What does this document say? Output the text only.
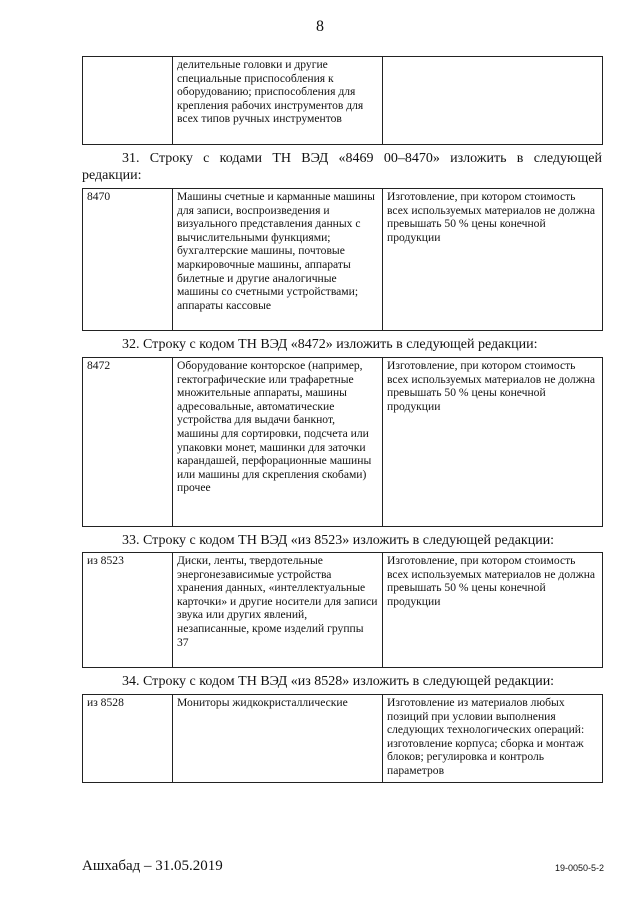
8
	делительные головки и другие специальные приспособления к оборудованию; приспособления для крепления рабочих инструментов для всех типов ручных инструментов	
31. Строку с кодами ТН ВЭД «8469 00–8470» изложить в следующей
редакции:
8470	Машины счетные и карманные машины для записи, воспроизведения и визуального представления данных с вычислительными функциями; бухгалтерские машины, почтовые маркировочные машины, аппараты билетные и другие аналогичные машины со счетными устройствами; аппараты кассовые	Изготовление, при котором стоимость всех используемых материалов не должна превышать 50 % цены конечной продукции
32. Строку с кодом ТН ВЭД «8472» изложить в следующей редакции:
8472	Оборудование конторское (например, гектографические или трафаретные множительные аппараты, машины адресовальные, автоматические устройства для выдачи банкнот, машины для сортировки, подсчета или упаковки монет, машинки для заточки карандашей, перфорационные машины или машины для скрепления скобами) прочее	Изготовление, при котором стоимость всех используемых материалов не должна превышать 50 % цены конечной продукции
33. Строку с кодом ТН ВЭД «из 8523» изложить в следующей редакции:
из 8523	Диски, ленты, твердотельные энергонезависимые устройства хранения данных, «интеллектуальные карточки» и другие носители для записи звука или других явлений, незаписанные, кроме изделий группы 37	Изготовление, при котором стоимость всех используемых материалов не должна превышать 50 % цены конечной продукции
34. Строку с кодом ТН ВЭД «из 8528» изложить в следующей редакции:
из 8528	Мониторы жидкокристаллические	Изготовление из материалов любых позиций при условии выполнения следующих технологических операций: изготовление корпуса; сборка и монтаж блоков; регулировка и контроль параметров
Ашхабад – 31.05.2019	19-0050-5-2
